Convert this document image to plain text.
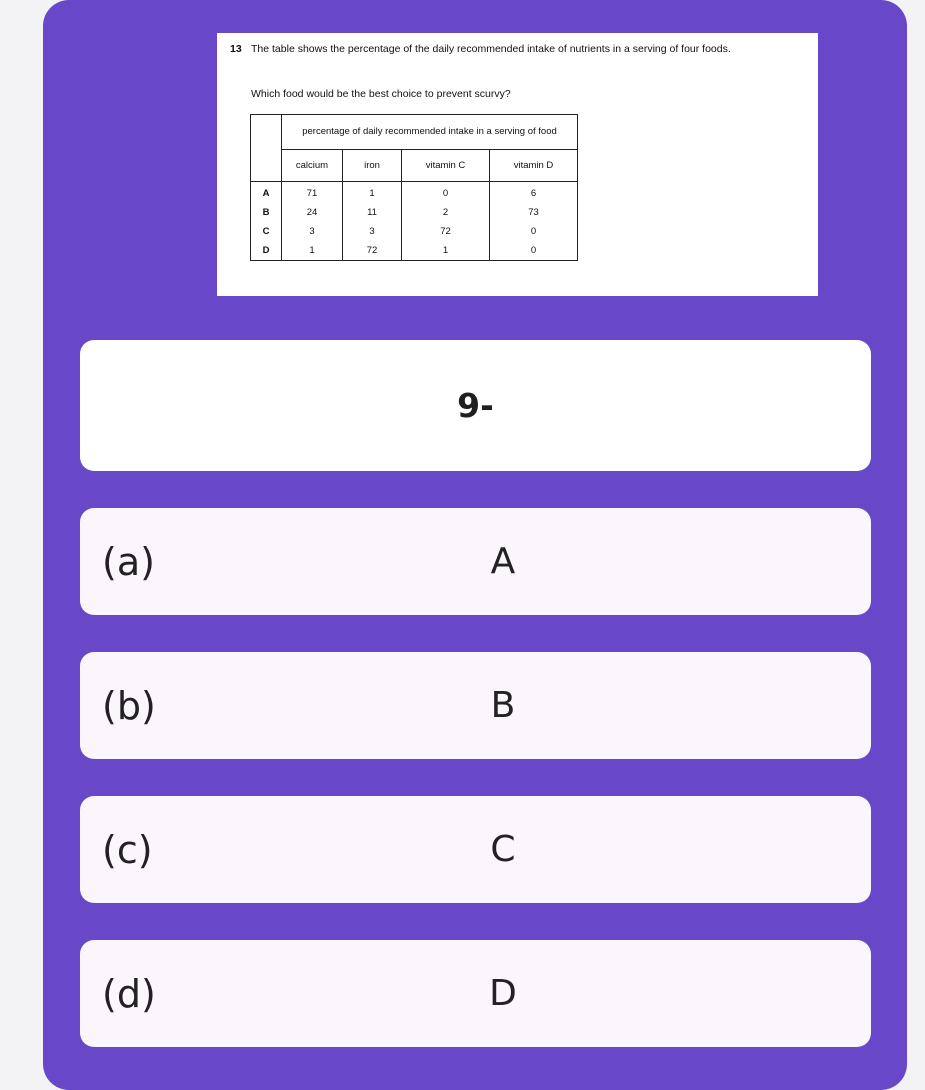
13 The table shows the percentage of the daily recommended intake of nutrients in a serving of four foods.
Which food would be the best choice to prevent scurvy?
	percentage of daily recommended intake in a serving of food			
	calcium	iron	vitamin C	vitamin D
A	71	1	0	6
B	24	11	2	73
C	3	3	72	0
D	1	72	1	0
9-
(a)	A
(b)	B
(c)	C
(d)	D
